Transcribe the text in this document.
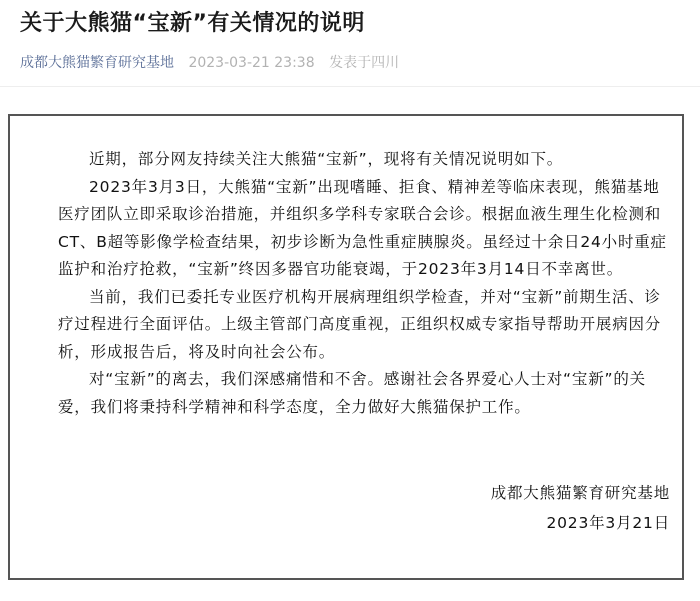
关于大熊猫“宝新”有关情况的说明
成都大熊猫繁育研究基地 2023-03-21 23:38 发表于四川

近期，部分网友持续关注大熊猫“宝新”，现将有关情况说明如下。

2023年3月3日，大熊猫“宝新”出现嗜睡、拒食、精神差等临床表现，熊猫基地医疗团队立即采取诊治措施，并组织多学科专家联合会诊。根据血液生理生化检测和CT、B超等影像学检查结果，初步诊断为急性重症胰腺炎。虽经过十余日24小时重症监护和治疗抢救，“宝新”终因多器官功能衰竭，于2023年3月14日不幸离世。

当前，我们已委托专业医疗机构开展病理组织学检查，并对“宝新”前期生活、诊疗过程进行全面评估。上级主管部门高度重视，正组织权威专家指导帮助开展病因分析，形成报告后，将及时向社会公布。

对“宝新”的离去，我们深感痛惜和不舍。感谢社会各界爱心人士对“宝新”的关爱，我们将秉持科学精神和科学态度，全力做好大熊猫保护工作。

成都大熊猫繁育研究基地
2023年3月21日
